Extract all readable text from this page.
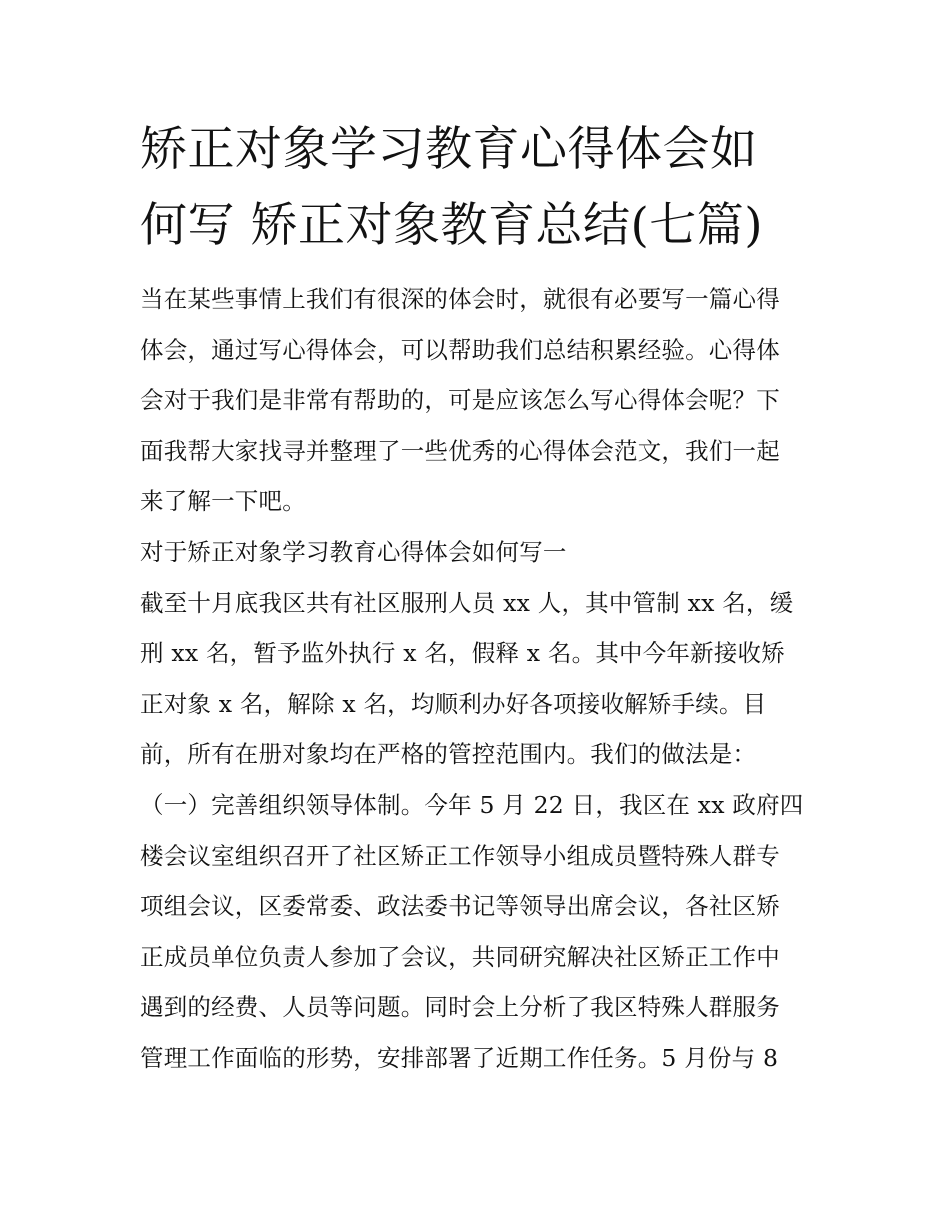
矫正对象学习教育心得体会如
何写 矫正对象教育总结(七篇)
当在某些事情上我们有很深的体会时，就很有必要写一篇心得
体会，通过写心得体会，可以帮助我们总结积累经验。心得体
会对于我们是非常有帮助的，可是应该怎么写心得体会呢？下
面我帮大家找寻并整理了一些优秀的心得体会范文，我们一起
来了解一下吧。
对于矫正对象学习教育心得体会如何写一
截至十月底我区共有社区服刑人员 xx 人，其中管制 xx 名，缓
刑 xx 名，暂予监外执行 x 名，假释 x 名。其中今年新接收矫
正对象 x 名，解除 x 名，均顺利办好各项接收解矫手续。目
前，所有在册对象均在严格的管控范围内。我们的做法是：
（一）完善组织领导体制。今年 5 月 22 日，我区在 xx 政府四
楼会议室组织召开了社区矫正工作领导小组成员暨特殊人群专
项组会议，区委常委、政法委书记等领导出席会议，各社区矫
正成员单位负责人参加了会议，共同研究解决社区矫正工作中
遇到的经费、人员等问题。同时会上分析了我区特殊人群服务
管理工作面临的形势，安排部署了近期工作任务。5 月份与 8
